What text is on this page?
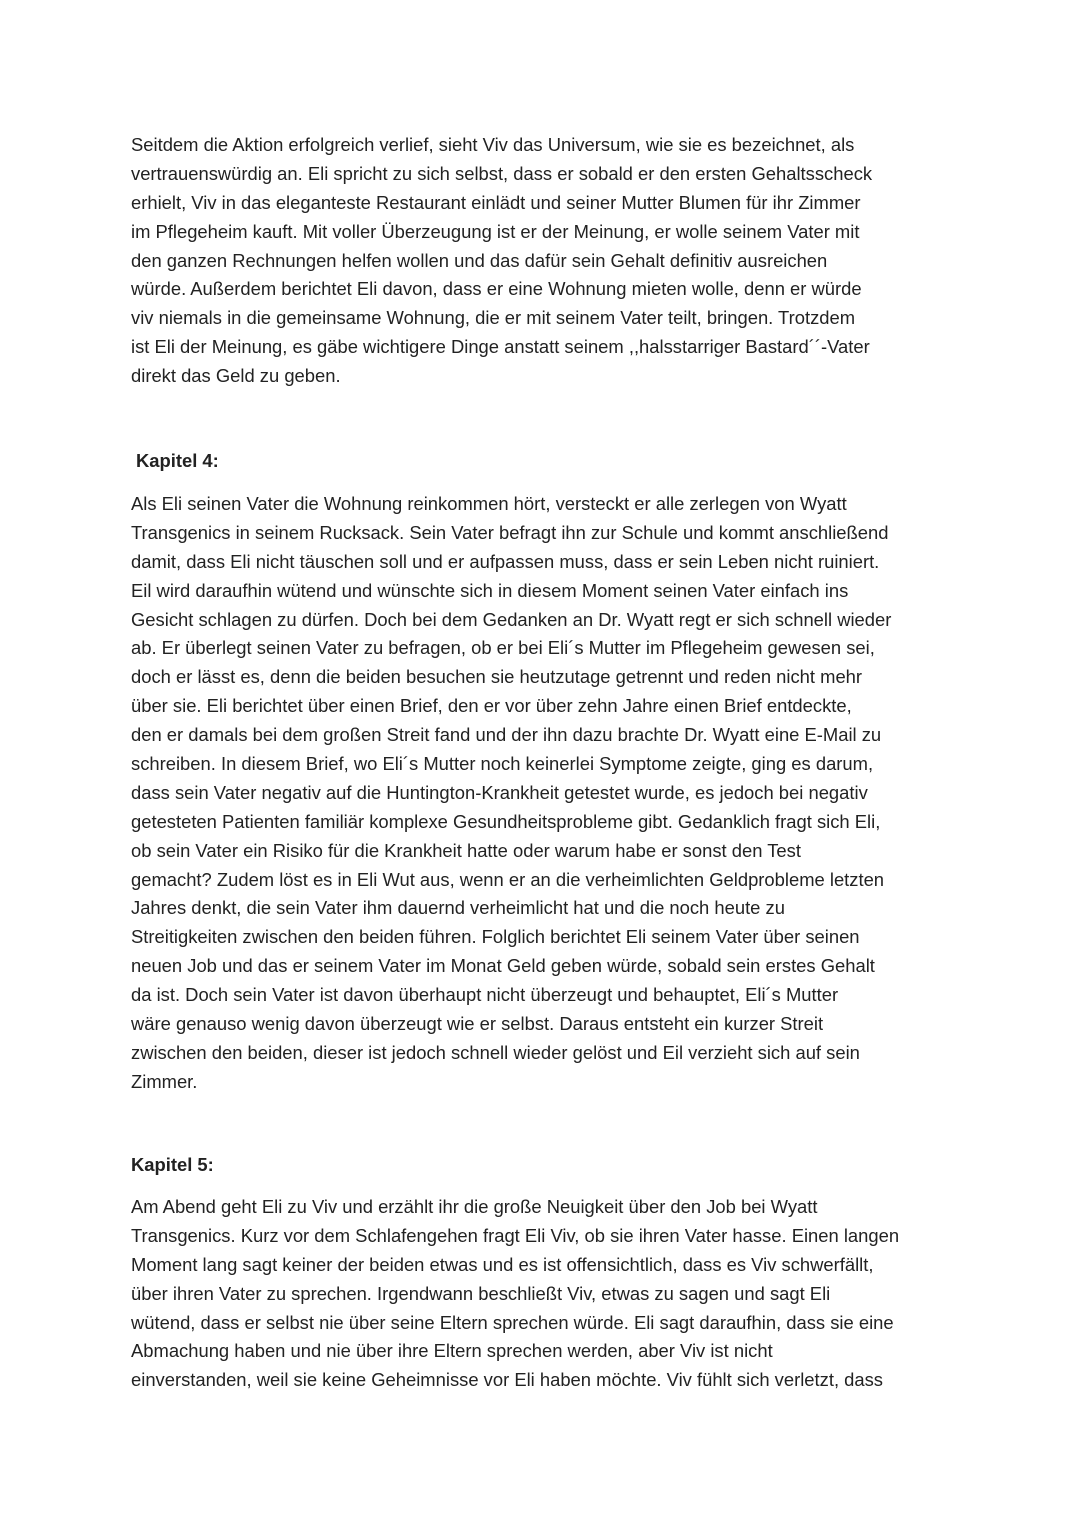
Seitdem die Aktion erfolgreich verlief, sieht Viv das Universum, wie sie es bezeichnet, als
vertrauenswürdig an. Eli spricht zu sich selbst, dass er sobald er den ersten Gehaltsscheck
erhielt, Viv in das eleganteste Restaurant einlädt und seiner Mutter Blumen für ihr Zimmer
im Pflegeheim kauft. Mit voller Überzeugung ist er der Meinung, er wolle seinem Vater mit
den ganzen Rechnungen helfen wollen und das dafür sein Gehalt definitiv ausreichen
würde. Außerdem berichtet Eli davon, dass er eine Wohnung mieten wolle, denn er würde
viv niemals in die gemeinsame Wohnung, die er mit seinem Vater teilt, bringen. Trotzdem
ist Eli der Meinung, es gäbe wichtigere Dinge anstatt seinem ,,halsstarriger Bastard´´-Vater
direkt das Geld zu geben.
Kapitel 4:
Als Eli seinen Vater die Wohnung reinkommen hört, versteckt er alle zerlegen von Wyatt
Transgenics in seinem Rucksack. Sein Vater befragt ihn zur Schule und kommt anschließend
damit, dass Eli nicht täuschen soll und er aufpassen muss, dass er sein Leben nicht ruiniert.
Eil wird daraufhin wütend und wünschte sich in diesem Moment seinen Vater einfach ins
Gesicht schlagen zu dürfen. Doch bei dem Gedanken an Dr. Wyatt regt er sich schnell wieder
ab. Er überlegt seinen Vater zu befragen, ob er bei Eli´s Mutter im Pflegeheim gewesen sei,
doch er lässt es, denn die beiden besuchen sie heutzutage getrennt und reden nicht mehr
über sie. Eli berichtet über einen Brief, den er vor über zehn Jahre einen Brief entdeckte,
den er damals bei dem großen Streit fand und der ihn dazu brachte Dr. Wyatt eine E-Mail zu
schreiben. In diesem Brief, wo Eli´s Mutter noch keinerlei Symptome zeigte, ging es darum,
dass sein Vater negativ auf die Huntington-Krankheit getestet wurde, es jedoch bei negativ
getesteten Patienten familiär komplexe Gesundheitsprobleme gibt. Gedanklich fragt sich Eli,
ob sein Vater ein Risiko für die Krankheit hatte oder warum habe er sonst den Test
gemacht? Zudem löst es in Eli Wut aus, wenn er an die verheimlichten Geldprobleme letzten
Jahres denkt, die sein Vater ihm dauernd verheimlicht hat und die noch heute zu
Streitigkeiten zwischen den beiden führen. Folglich berichtet Eli seinem Vater über seinen
neuen Job und das er seinem Vater im Monat Geld geben würde, sobald sein erstes Gehalt
da ist. Doch sein Vater ist davon überhaupt nicht überzeugt und behauptet, Eli´s Mutter
wäre genauso wenig davon überzeugt wie er selbst. Daraus entsteht ein kurzer Streit
zwischen den beiden, dieser ist jedoch schnell wieder gelöst und Eil verzieht sich auf sein
Zimmer.
Kapitel 5:
Am Abend geht Eli zu Viv und erzählt ihr die große Neuigkeit über den Job bei Wyatt
Transgenics. Kurz vor dem Schlafengehen fragt Eli Viv, ob sie ihren Vater hasse. Einen langen
Moment lang sagt keiner der beiden etwas und es ist offensichtlich, dass es Viv schwerfällt,
über ihren Vater zu sprechen. Irgendwann beschließt Viv, etwas zu sagen und sagt Eli
wütend, dass er selbst nie über seine Eltern sprechen würde. Eli sagt daraufhin, dass sie eine
Abmachung haben und nie über ihre Eltern sprechen werden, aber Viv ist nicht
einverstanden, weil sie keine Geheimnisse vor Eli haben möchte. Viv fühlt sich verletzt, dass
